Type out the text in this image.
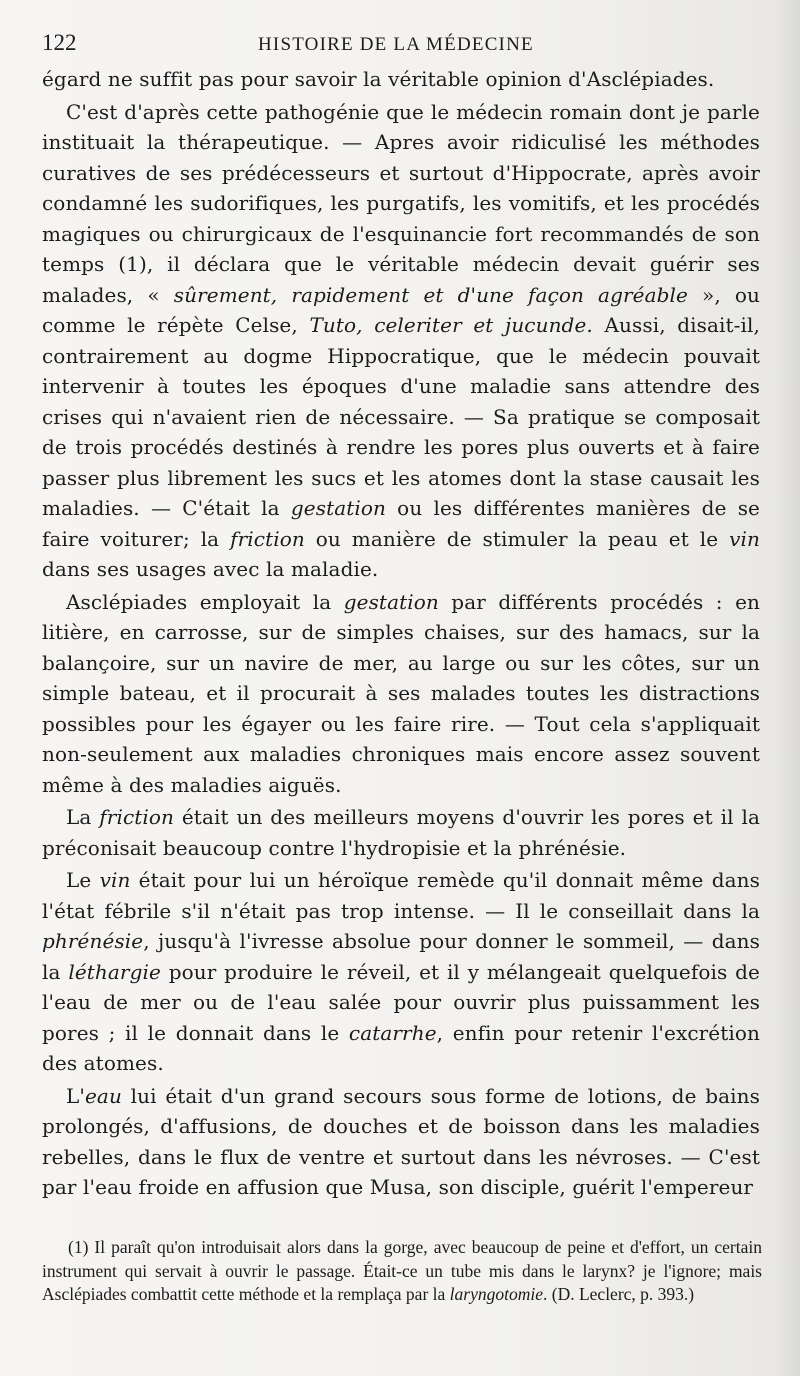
122	HISTOIRE DE LA MÉDECINE

égard ne suffit pas pour savoir la véritable opinion d'Asclépiades.

C'est d'après cette pathogénie que le médecin romain dont je parle instituait la thérapeutique. — Apres avoir ridiculisé les méthodes curatives de ses prédécesseurs et surtout d'Hippocrate, après avoir condamné les sudorifiques, les purgatifs, les vomitifs, et les procédés magiques ou chirurgicaux de l'esquinancie fort recommandés de son temps (1), il déclara que le véritable médecin devait guérir ses malades, « sûrement, rapidement et d'une façon agréable », ou comme le répète Celse, Tuto, celeriter et jucunde. Aussi, disait-il, contrairement au dogme Hippocratique, que le médecin pouvait intervenir à toutes les époques d'une maladie sans attendre des crises qui n'avaient rien de nécessaire. — Sa pratique se composait de trois procédés destinés à rendre les pores plus ouverts et à faire passer plus librement les sucs et les atomes dont la stase causait les maladies. — C'était la gestation ou les différentes manières de se faire voiturer; la friction ou manière de stimuler la peau et le vin dans ses usages avec la maladie.

Asclépiades employait la gestation par différents procédés : en litière, en carrosse, sur de simples chaises, sur des hamacs, sur la balançoire, sur un navire de mer, au large ou sur les côtes, sur un simple bateau, et il procurait à ses malades toutes les distractions possibles pour les égayer ou les faire rire. — Tout cela s'appliquait non-seulement aux maladies chroniques mais encore assez souvent même à des maladies aiguës.

La friction était un des meilleurs moyens d'ouvrir les pores et il la préconisait beaucoup contre l'hydropisie et la phrénésie.

Le vin était pour lui un héroïque remède qu'il donnait même dans l'état fébrile s'il n'était pas trop intense. — Il le conseillait dans la phrénésie, jusqu'à l'ivresse absolue pour donner le sommeil, — dans la léthargie pour produire le réveil, et il y mélangeait quelquefois de l'eau de mer ou de l'eau salée pour ouvrir plus puissamment les pores ; il le donnait dans le catarrhe, enfin pour retenir l'excrétion des atomes.

L'eau lui était d'un grand secours sous forme de lotions, de bains prolongés, d'affusions, de douches et de boisson dans les maladies rebelles, dans le flux de ventre et surtout dans les névroses. — C'est par l'eau froide en affusion que Musa, son disciple, guérit l'empereur

(1) Il paraît qu'on introduisait alors dans la gorge, avec beaucoup de peine et d'effort, un certain instrument qui servait à ouvrir le passage. Était-ce un tube mis dans le larynx? je l'ignore; mais Asclépiades combattit cette méthode et la remplaça par la laryngotomie. (D. Leclerc, p. 393.)
